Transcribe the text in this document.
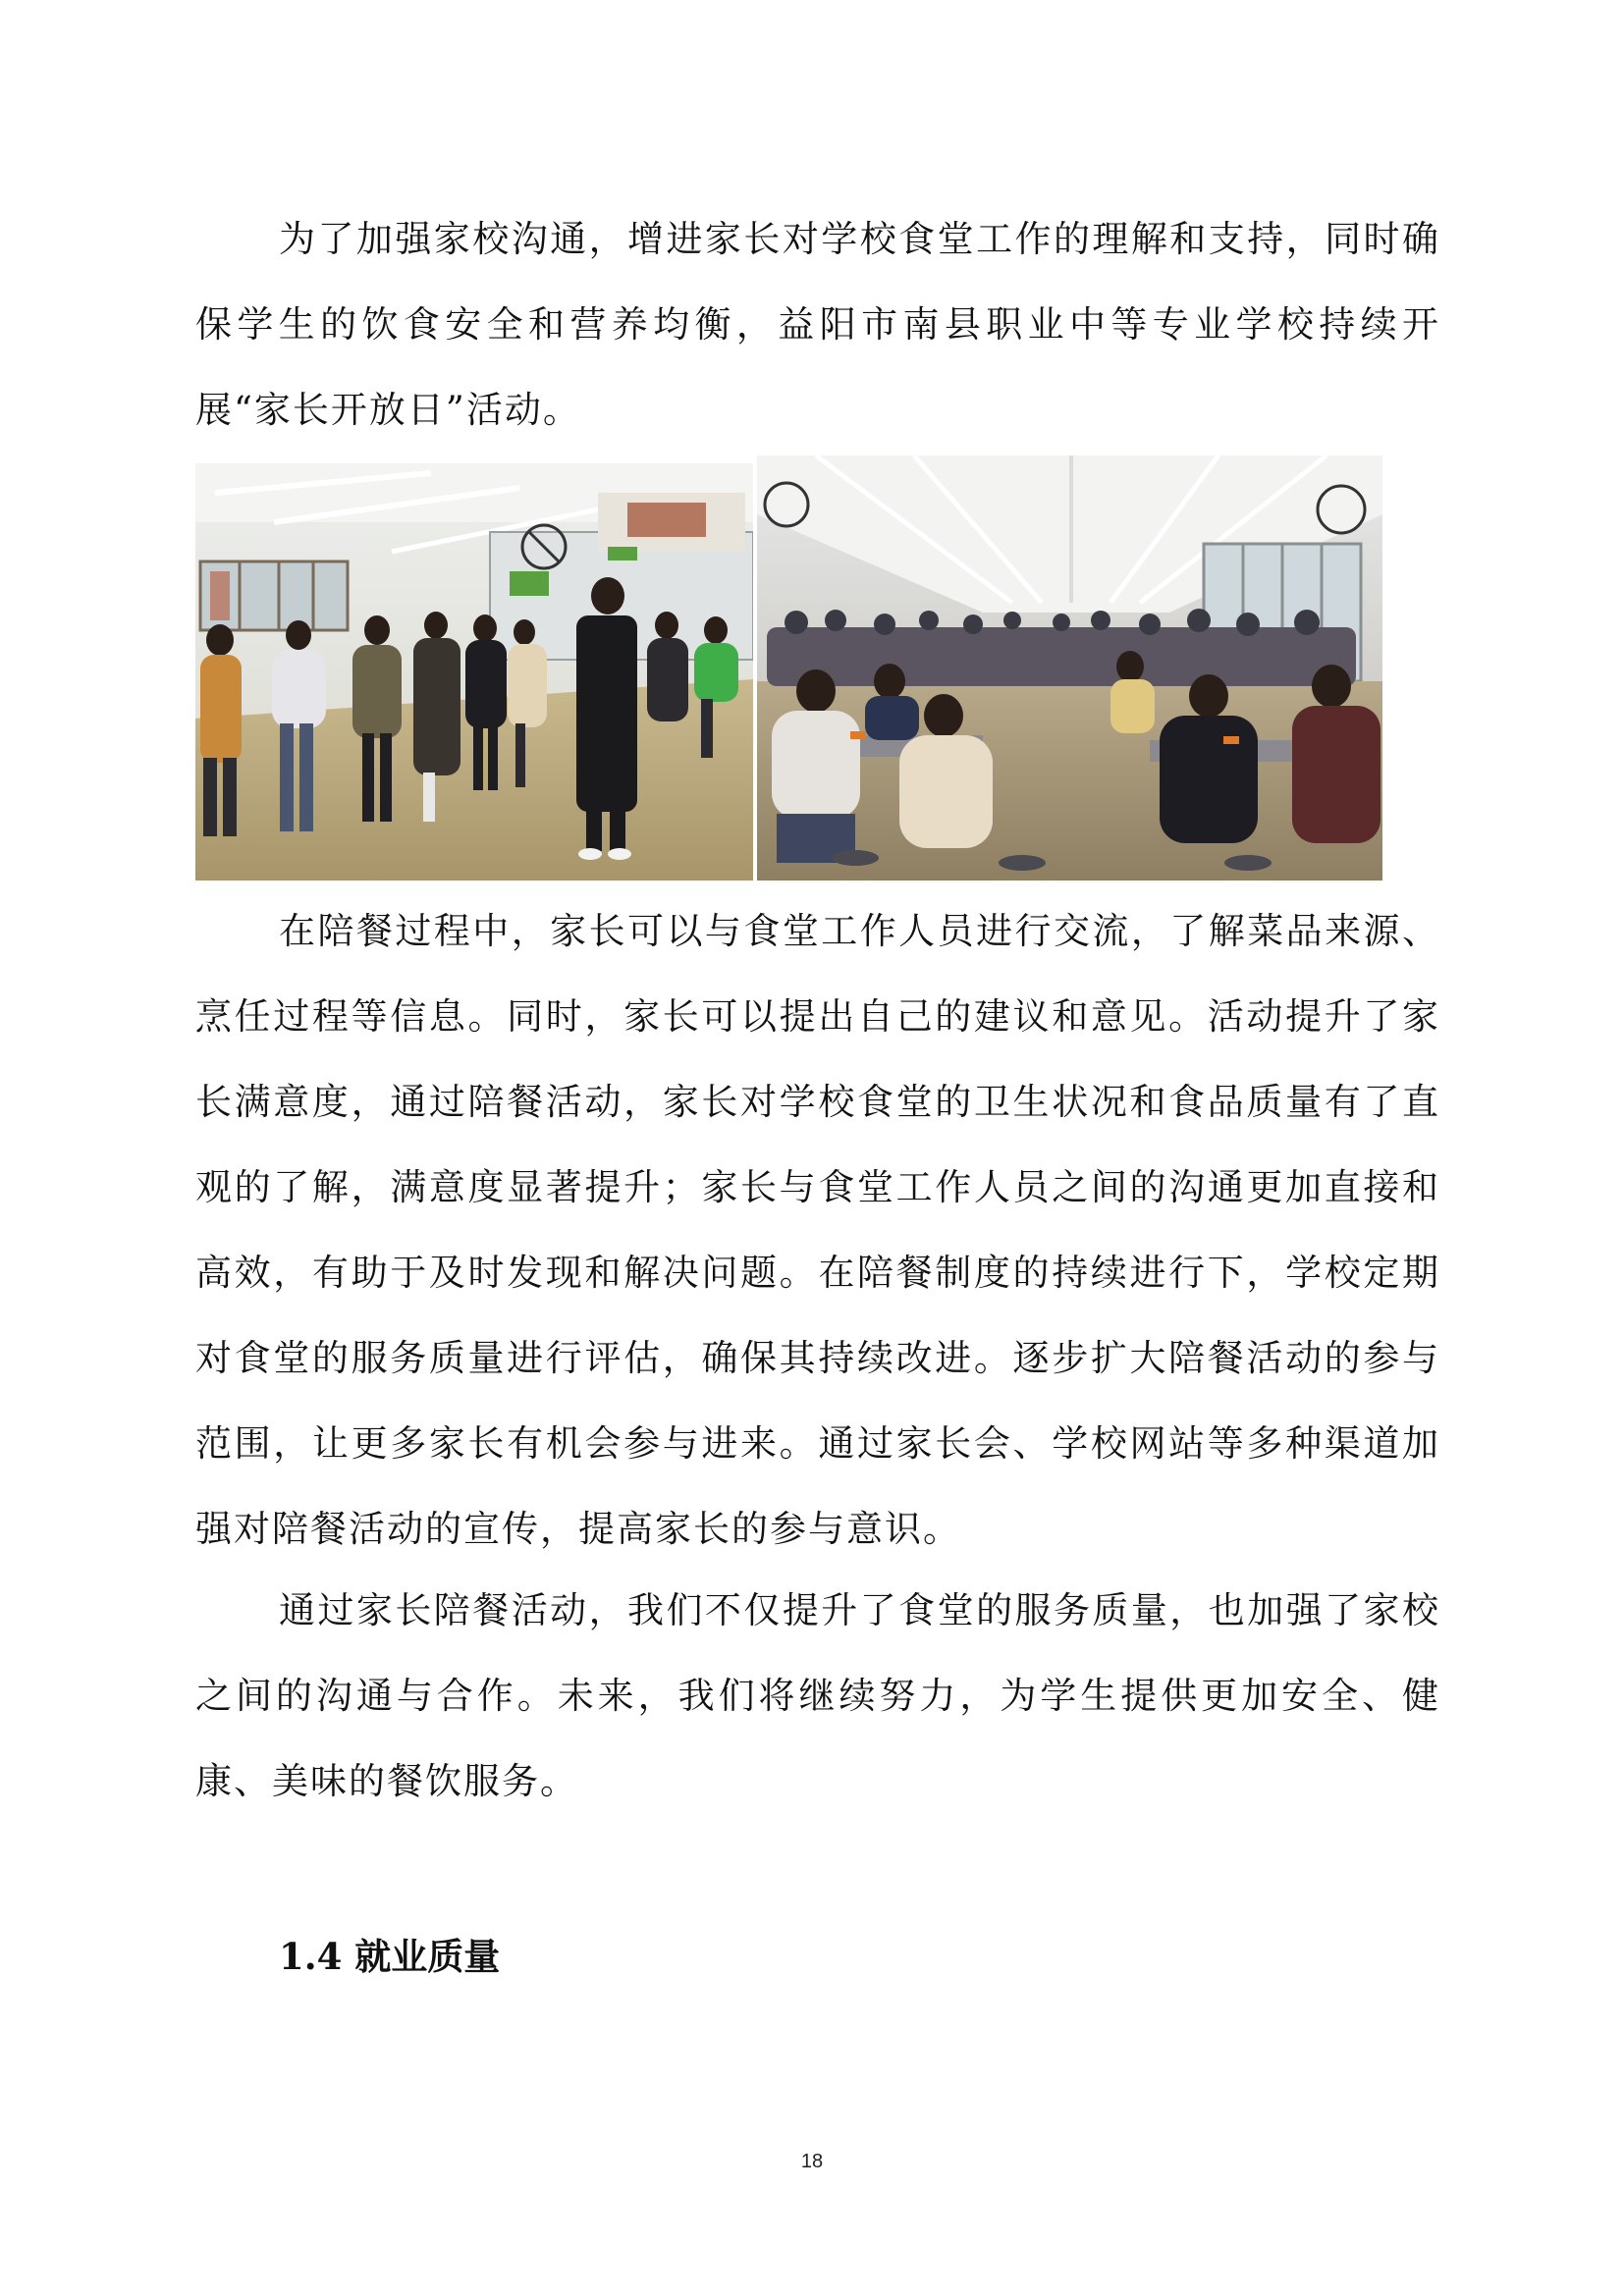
为了加强家校沟通，增进家长对学校食堂工作的理解和支持，同时确保学生的饮食安全和营养均衡，益阳市南县职业中等专业学校持续开展“家长开放日”活动。

在陪餐过程中，家长可以与食堂工作人员进行交流，了解菜品来源、烹任过程等信息。同时，家长可以提出自己的建议和意见。活动提升了家长满意度，通过陪餐活动，家长对学校食堂的卫生状况和食品质量有了直观的了解，满意度显著提升；家长与食堂工作人员之间的沟通更加直接和高效，有助于及时发现和解决问题。在陪餐制度的持续进行下，学校定期对食堂的服务质量进行评估，确保其持续改进。逐步扩大陪餐活动的参与范围，让更多家长有机会参与进来。通过家长会、学校网站等多种渠道加强对陪餐活动的宣传，提高家长的参与意识。

通过家长陪餐活动，我们不仅提升了食堂的服务质量，也加强了家校之间的沟通与合作。未来，我们将继续努力，为学生提供更加安全、健康、美味的餐饮服务。

1.4 就业质量
18
